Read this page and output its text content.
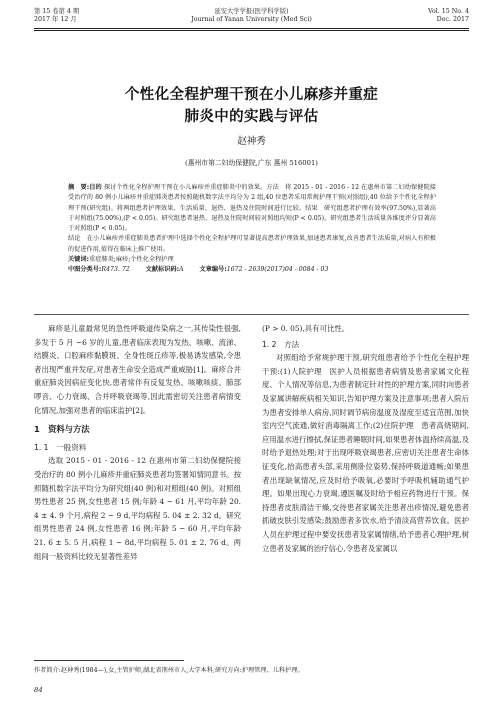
第 15 卷第 4 期
2017 年 12 月
延安大学学报(医学科学版)
Journal of Yanan University (Med Sci)
Vol. 15 No. 4
Dec. 2017
个性化全程护理干预在小儿麻疹并重症
肺炎中的实践与评估
赵神秀
(惠州市第二妇幼保健院,广东 惠州 516001)

摘　要:目的 探讨个性化全程护理干预在小儿麻疹并重症肺炎中的效果。方法　将 2015 - 01 - 2016 - 12 在惠州市第二妇幼保健院接受治疗的 80 例小儿麻疹并重症肺炎患者按照随机数字法平均分为 2 组,40 位患者采用常规护理干预(对照组),40 位给予个性化全程护理干预(研究组)。将两组患者护理效果、生活质量、退热、退热及住院时间进行比较。结果　研究组患者护理有效率(97.50%),显著高于对照组(75.00%),(P < 0.05)。研究组患者退热、退热及住院时间较对照组均短(P < 0.05)。研究组患者生活质量各维度评分显著高于对照组(P < 0.05)。

结论　在小儿麻疹并重症肺炎患者护理中选择个性化全程护理可显著提高患者护理效果,加速患者康复,改善患者生活质量,对病人有积极的促进作用,值得在临床上推广使用。

关键词:重症肺炎;麻疹;个性化全程护理

中图分类号:R473. 72	文献标识码:A	文章编号:1672 - 2639(2017)04 - 0084 - 03

麻疹是儿童最常见的急性呼吸道传染病之一,其传染性很强,多发于 5 月 ~6 岁的儿童,患者临床表现为发热、咳嗽、流涕、结膜炎、口腔麻疹黏膜斑、全身性斑丘疹等,极易诱发感染,令患者出现严重并发症,对患者生命安全造成严重威胁[1]。麻疹合并重症肺炎因病症变化快,患者常伴有反复发热、咳嗽咳痰、肺部啰音、心力衰竭、合并呼吸衰竭等,因此需密切关注患者病情变化情况,加强对患者的临床监护[2]。

1　资料与方法
1. 1　一般资料

选取 2015 - 01 - 2016 - 12 在惠州市第二妇幼保健院接受治疗的 80 例小儿麻疹并重症肺炎患者均签署知情同意书。按照随机数字法平均分为研究组(40 例)和对照组(40 例)。对照组男性患者 25 例,女性患者 15 例;年龄 4 ~ 61 月,平均年龄 20. 4 ± 4. 9 个月,病程 2 ~ 9 d,平均病程 5. 04 ± 2. 32 d。研究组男性患者 24 例,女性患者 16 例;年龄 5 ~ 60 月,平均年龄 21. 6 ± 5. 5 月,病程 1 ~ 8d,平均病程 5. 01 ± 2. 76 d。两组间一般资料比较无显著性差异

(P > 0. 05),具有可比性。

1. 2　方法

对照组给予常规护理干预,研究组患者给予个性化全程护理干预:(1)人院护理　医护人员根据患者病情及患者家属文化程度、个人情况等信息,为患者制定针对性的护理方案,同时向患者及家属讲解疾病相关知识,告知护理方案及注意事项;患者入院后为患者安排单人病房,同时调节病房温度及湿度至适宜范围,加快室内空气流通,做好消毒隔离工作;(2)住院护理　患者高烧期间,应用温水进行擦拭,保证患者睡眠时间,如果患者体温持续高温,及时给予退热处理;对于出现呼吸衰竭患者,应密切关注患者生命体征变化,抬高患者头部,采用侧卧位姿势,保持呼吸道通畅;如果患者出现缺氧情况,应及时给予吸氧,必要时予呼吸机辅助通气护理。如果出现心力衰竭,遵医嘱及时给予相应药物进行干预。保持患者皮肤清洁干燥,交待患者家属关注患者出疹情况,避免患者抓破皮肤引发感染;鼓励患者多饮水,给予清淡高营养饮食。医护人员在护理过程中要安抚患者及家属情绪,给予患者心理护理,树立患者及家属的治疗信心,令患者及家属以

作者简介:赵神秀(1984—),女,主管护师,湖北省荆州市人,大学本科,研究方向:护理管理、儿科护理。
84
